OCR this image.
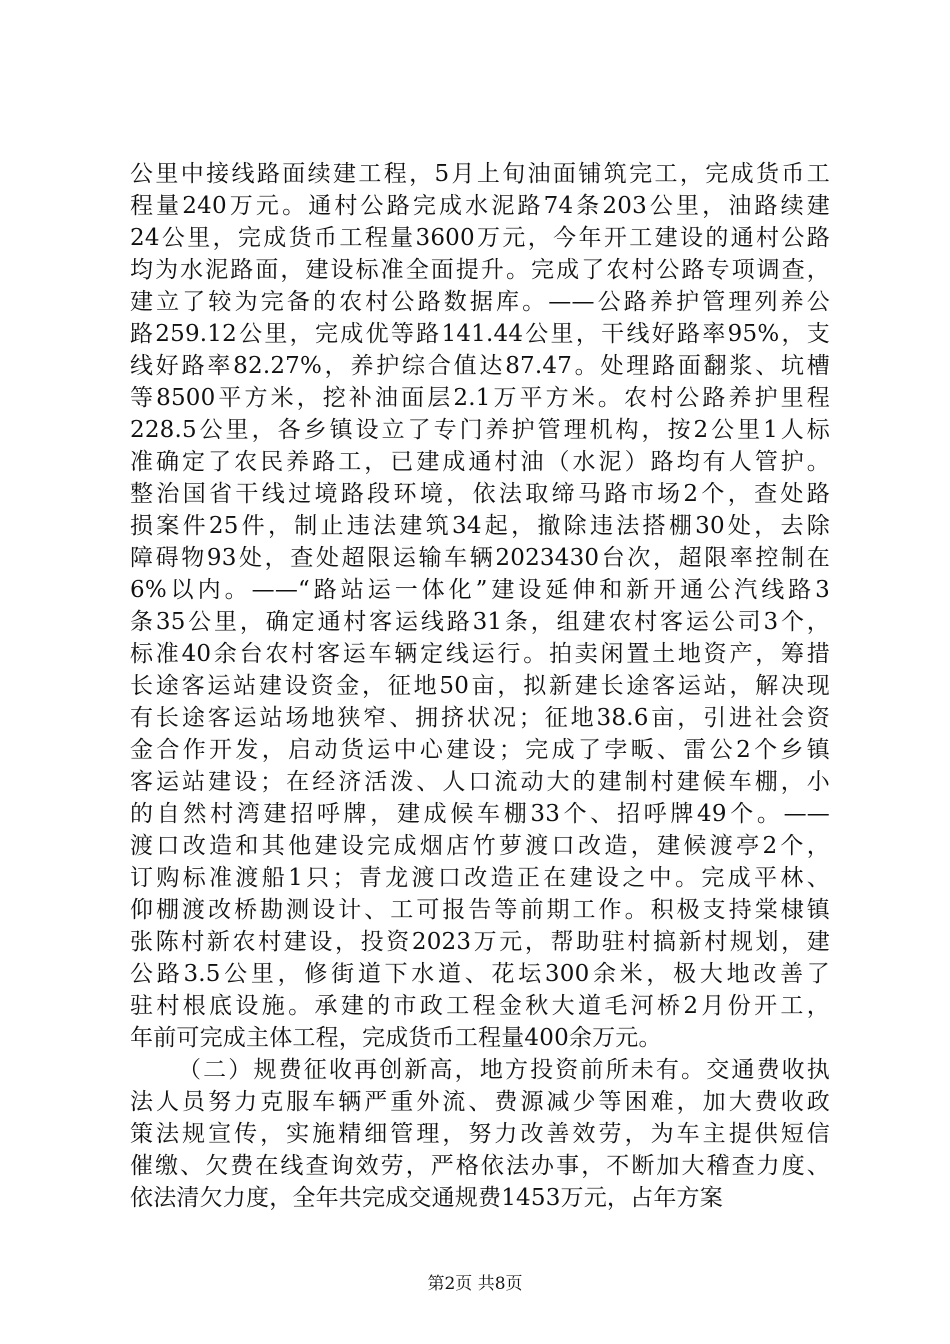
公里中接线路面续建工程，5月上旬油面铺筑完工，完成货币工
程量240万元。通村公路完成水泥路74条203公里，油路续建
24公里，完成货币工程量3600万元，今年开工建设的通村公路
均为水泥路面，建设标准全面提升。完成了农村公路专项调查，
建立了较为完备的农村公路数据库。——公路养护管理列养公
路259.12公里，完成优等路141.44公里，干线好路率95%，支
线好路率82.27%，养护综合值达87.47。处理路面翻浆、坑槽
等8500平方米，挖补油面层2.1万平方米。农村公路养护里程
228.5公里，各乡镇设立了专门养护管理机构，按2公里1人标
准确定了农民养路工，已建成通村油（水泥）路均有人管护。
整治国省干线过境路段环境，依法取缔马路市场2个，查处路
损案件25件，制止违法建筑34起，撤除违法搭棚30处，去除
障碍物93处，查处超限运输车辆2023430台次，超限率控制在
6%以内。——“路站运一体化”建设延伸和新开通公汽线路3
条35公里，确定通村客运线路31条，组建农村客运公司3个，
标准40余台农村客运车辆定线运行。拍卖闲置土地资产，筹措
长途客运站建设资金，征地50亩，拟新建长途客运站，解决现
有长途客运站场地狭窄、拥挤状况；征地38.6亩，引进社会资
金合作开发，启动货运中心建设；完成了孛畈、雷公2个乡镇
客运站建设；在经济活泼、人口流动大的建制村建候车棚，小
的自然村湾建招呼牌，建成候车棚33个、招呼牌49个。——
渡口改造和其他建设完成烟店竹萝渡口改造，建候渡亭2个，
订购标准渡船1只；青龙渡口改造正在建设之中。完成平林、
仰棚渡改桥勘测设计、工可报告等前期工作。积极支持棠棣镇
张陈村新农村建设，投资2023万元，帮助驻村搞新村规划，建
公路3.5公里，修街道下水道、花坛300余米，极大地改善了
驻村根底设施。承建的市政工程金秋大道毛河桥2月份开工，
年前可完成主体工程，完成货币工程量400余万元。
（二）规费征收再创新高，地方投资前所未有。交通费收执
法人员努力克服车辆严重外流、费源减少等困难，加大费收政
策法规宣传，实施精细管理，努力改善效劳，为车主提供短信
催缴、欠费在线查询效劳，严格依法办事，不断加大稽查力度、
依法清欠力度，全年共完成交通规费1453万元，占年方案
第2页 共8页
